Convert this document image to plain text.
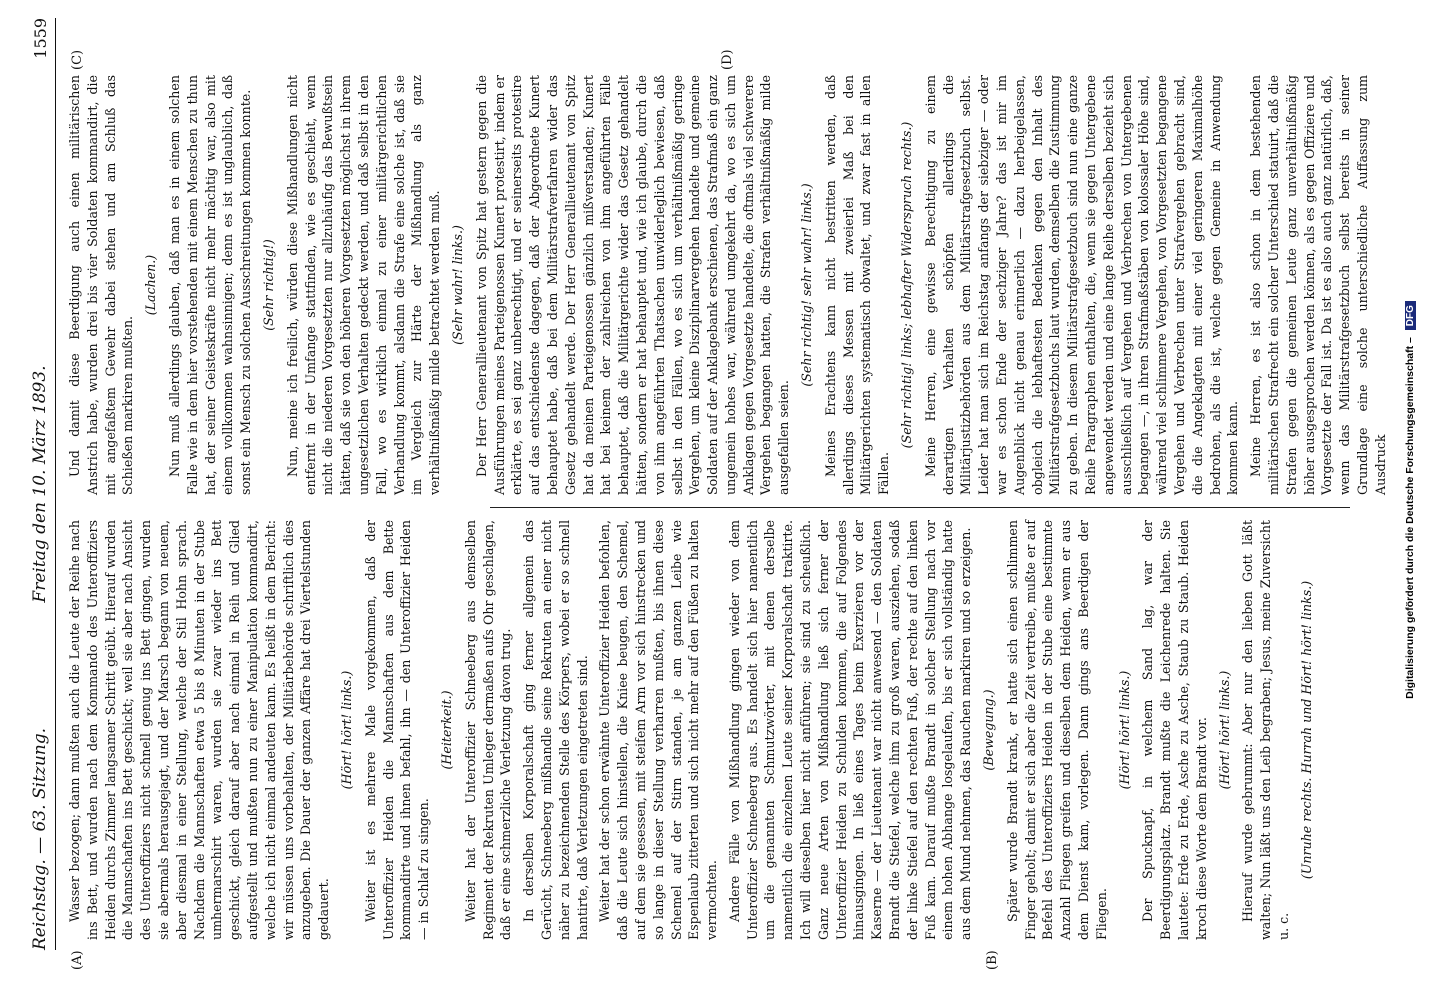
Reichstag. — 63. Sitzung.
Freitag den 10. März 1893.
1559
(A)	(B)
(C)	(D)

Wasser bezogen; dann mußten auch die Leute der Reihe nach ins Bett, und wurden nach dem Kommando des Unteroffiziers Heiden durchs Zimmer langsamer Schritt geübt. Hierauf wurden die Mannschaften ins Bett geschickt; weil sie aber nach Ansicht des Unteroffiziers nicht schnell genug ins Bett gingen, wurden sie abermals herausgejagt, und der Marsch begann von neuem, aber diesmal in einer Stellung, welche der Stil Hohn sprach. Nachdem die Mannschaften etwa 5 bis 8 Minuten in der Stube umhermarschirt waren, wurden sie zwar wieder ins Bett geschickt, gleich darauf aber nach einmal in Reih und Glied aufgestellt und mußten nun zu einer Manipulation kommandirt, welche ich nicht einmal andeuten kann. Es heißt in dem Bericht: wir müssen uns vorbehalten, der Militärbehörde schriftlich dies anzugeben. Die Dauer der ganzen Affäre hat drei Viertelstunden gedauert.

(Hört! hört! links.) Weiter ist es mehrere Male vorgekommen, daß der Unteroffizier Heiden die Mannschaften aus dem Bette kommandirte und ihnen befahl, ihn — den Unteroffizier Heiden — in Schlaf zu singen.

(Heiterkeit.) Weiter hat der Unteroffizier Schneeberg aus demselben Regiment der Rekruten Umleger dermaßen aufs Ohr geschlagen, daß er eine schmerzliche Verletzung davon trug. In derselben Korporalschaft ging ferner allgemein das Gerücht, Schneeberg mißhandle seine Rekruten an einer nicht näher zu bezeichnenden Stelle des Körpers, wobei er so schnell hantirte, daß Verletzungen eingetreten sind. Weiter hat der schon erwähnte Unteroffizier Heiden befohlen, daß die Leute sich hinstellen, die Kniee beugen, den Schemel, auf dem sie gesessen, mit steifem Arm vor sich hinstrecken und so lange in dieser Stellung verharren mußten, bis ihnen diese Schemel auf der Stirn standen, je am ganzen Leibe wie Espenlaub zitterten und sich nicht mehr auf den Füßen zu halten vermochten. Andere Fälle von Mißhandlung gingen wieder von dem Unteroffizier Schneeberg aus. Es handelt sich hier namentlich um die genannten Schmutzwörter, mit denen derselbe namentlich die einzelnen Leute seiner Korporalschaft traktirte. Ich will dieselben hier nicht anführen; sie sind zu scheußlich. Ganz neue Arten von Mißhandlung ließ sich ferner der Unteroffizier Heiden zu Schulden kommen, die auf Folgendes hinausgingen. In ließ eines Tages beim Exerzieren vor der Kaserne — der Lieutenant war nicht anwesend — den Soldaten Brandt die Stiefel, welche ihm zu groß waren, ausziehen, sodaß der linke Stiefel auf den rechten Fuß, der rechte auf den linken Fuß kam. Darauf mußte Brandt in solcher Stellung nach vor einem hohen Abhange losgelaufen, bis er sich vollständig hatte aus dem Mund nehmen, das Rauchen markiren und so erzeigen. (Bewegung.) Später wurde Brandt krank, er hatte sich einen schlimmen Finger geholt; damit er sich aber die Zeit vertreibe, mußte er auf Befehl des Unteroffiziers Heiden in der Stube eine bestimmte Anzahl Fliegen greifen und dieselben dem Heiden, wenn er aus dem Dienst kam, vorlegen. Dann gings ans Beerdigen der Fliegen.

(Hört! hört! links.) Der Spucknapf, in welchem Sand lag, war der Beerdigungsplatz. Brandt mußte die Leichenrede halten. Sie lautete: Erde zu Erde, Asche zu Asche, Staub zu Staub. Heiden kroch diese Worte dem Brandt vor. (Hört! hört! links.) Hierauf wurde gebrummt: Aber nur den lieben Gott läßt walten; Nun läßt uns den Leib begraben; Jesus, meine Zuversicht u. c.

(Unruhe rechts. Hurrah und Hört! hört! links.)

Und damit diese Beerdigung auch einen militärischen Anstrich habe, wurden drei bis vier Soldaten kommandirt, die mit angefaßtem Gewehr dabei stehen und am Schluß das Schießen markiren mußten.

(Lachen.) Nun muß allerdings glauben, daß man es in einem solchen Falle wie in dem hier vorstehenden mit einem Menschen zu thun hat, der seiner Geisteskräfte nicht mehr mächtig war, also mit einem vollkommen wahnsinnigen; denn es ist unglaublich, daß sonst ein Mensch zu solchen Ausschreitungen kommen konnte. (Sehr richtig!) Nun, meine ich freilich, würden diese Mißhandlungen nicht entfernt in der Umfange stattfinden, wie es geschieht, wenn nicht die niederen Vorgesetzten nur allzuhäufig das Bewußtsein hätten, daß sie von den höheren Vorgesetzten möglichst in ihrem ungesetzlichen Verhalten gedeckt werden, und daß selbst in den Fall, wo es wirklich einmal zu einer militärgerichtlichen Verhandlung kommt, alsdann die Strafe eine solche ist, daß sie im Vergleich zur Härte der Mißhandlung als ganz verhältnißmäßig milde betrachtet werden muß. (Sehr wahr! links.) Der Herr Generallieutenant von Spitz hat gestern gegen die Ausführungen meines Parteigenossen Kunert protestirt, indem er erklärte, es sei ganz unberechtigt, und er seinerseits protestire auf das entschiedenste dagegen, daß der Abgeordnete Kunert behauptet habe, daß bei dem Militärstrafverfahren wider das Gesetz gehandelt werde. Der Herr Generallieutenant von Spitz hat da meinen Parteigenossen gänzlich mißverstanden; Kunert hat bei keinem der zahlreichen von ihm angeführten Fälle behauptet, daß die Militärgerichte wider das Gesetz gehandelt hätten, sondern er hat behauptet und, wie ich glaube, durch die von ihm angeführten Thatsachen unwiderleglich bewiesen, daß selbst in den Fällen, wo es sich um verhältnißmäßig geringe Vergehen, um kleine Disziplinarvergehen handelte und gemeine Soldaten auf der Anklagebank erschienen, das Strafmaß ein ganz ungemein hohes war, während umgekehrt da, wo es sich um Anklagen gegen Vorgesetzte handelte, die oftmals viel schwerere Vergehen begangen hatten, die Strafen verhältnißmäßig milde ausgefallen seien.

(Sehr richtig! sehr wahr! links.) Meines Erachtens kann nicht bestritten werden, daß allerdings dieses Messen mit zweierlei Maß bei den Militärgerichten systematisch obwaltet, und zwar fast in allen Fällen.

(Sehr richtig! links; lebhafter Widerspruch rechts.) Meine Herren, eine gewisse Berechtigung zu einem derartigen Verhalten schöpfen allerdings die Militärjustizbehörden aus dem Militärstrafgesetzbuch selbst. Leider hat man sich im Reichstag anfangs der siebziger — oder war es schon Ende der sechziger Jahre? das ist mir im Augenblick nicht genau erinnerlich — dazu herbeigelassen, obgleich die lebhaftesten Bedenken gegen den Inhalt des Militärstrafgesetzbuchs laut wurden, demselben die Zustimmung zu geben. In diesem Militärstrafgesetzbuch sind nun eine ganze Reihe Paragraphen enthalten, die, wenn sie gegen Untergebene angewendet werden und eine lange Reihe derselben bezieht sich ausschließlich auf Vergehen und Verbrechen von Untergebenen begangen —, in ihren Strafmaßstäben von kolossaler Höhe sind, während viel schlimmere Vergehen, von Vorgesetzten begangene Vergehen und Verbrechen unter Strafvergehen gebracht sind, die die Angeklagten mit einer viel geringeren Maximalhöhe bedrohen, als die ist, welche gegen Gemeine in Anwendung kommen kann. Meine Herren, es ist also schon in dem bestehenden militärischen Strafrecht ein solcher Unterschied statuirt, daß die Strafen gegen die gemeinen Leute ganz unverhältnißmäßig höher ausgesprochen werden können, als es gegen Offiziere und Vorgesetzte der Fall ist. Da ist es also auch ganz natürlich, daß, wenn das Militärstrafgesetzbuch selbst bereits in seiner Grundlage eine solche unterschiedliche Auffassung zum Ausdruck Digitalisierung gefördert durch die Deutsche Forschungsgemeinschaft – DFG
